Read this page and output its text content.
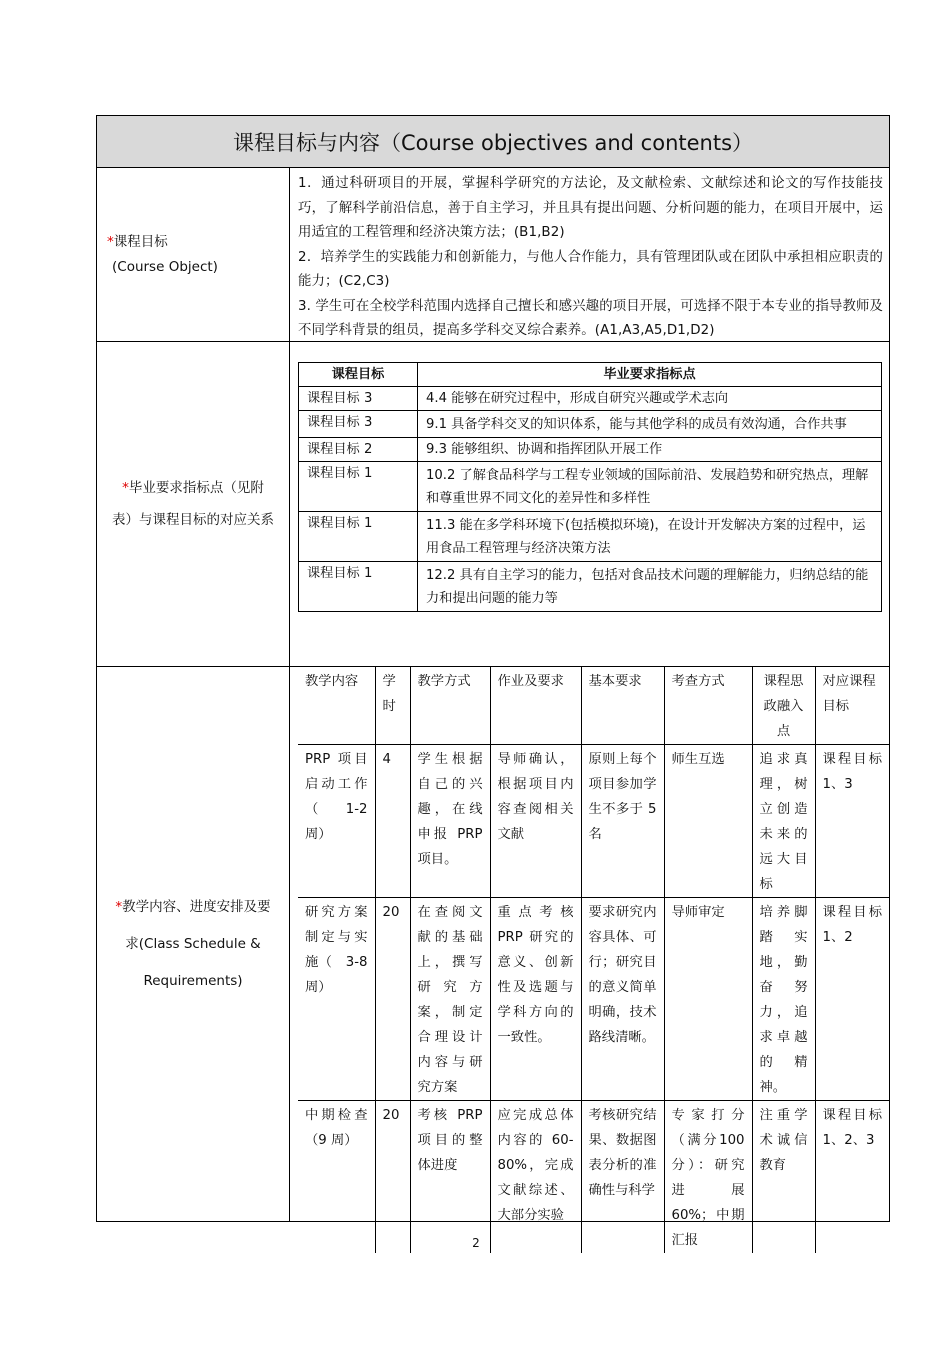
课程目标与内容（Course objectives and contents）
*课程目标
(Course Object)
1．通过科研项目的开展，掌握科学研究的方法论，及文献检索、文献综述和论文的写作技能技巧，了解科学前沿信息，善于自主学习，并且具有提出问题、分析问题的能力，在项目开展中，运用适宜的工程管理和经济决策方法；(B1,B2)
2．培养学生的实践能力和创新能力，与他人合作能力，具有管理团队或在团队中承担相应职责的能力；(C2,C3)
3. 学生可在全校学科范围内选择自己擅长和感兴趣的项目开展，可选择不限于本专业的指导教师及不同学科背景的组员，提高多学科交叉综合素养。(A1,A3,A5,D1,D2)
*毕业要求指标点（见附
表）与课程目标的对应关系
课程目标	毕业要求指标点
课程目标 3	4.4 能够在研究过程中，形成自研究兴趣或学术志向
课程目标 3	9.1 具备学科交叉的知识体系，能与其他学科的成员有效沟通，合作共事
课程目标 2	9.3 能够组织、协调和指挥团队开展工作
课程目标 1	10.2 了解食品科学与工程专业领域的国际前沿、发展趋势和研究热点，理解和尊重世界不同文化的差异性和多样性
课程目标 1	11.3 能在多学科环境下(包括模拟环境)，在设计开发解决方案的过程中，运用食品工程管理与经济决策方法
课程目标 1	12.2 具有自主学习的能力，包括对食品技术问题的理解能力，归纳总结的能力和提出问题的能力等
*教学内容、进度安排及要
求(Class Schedule &
Requirements)
教学内容	学时	教学方式	作业及要求	基本要求	考查方式	课程思政融入点	对应课程目标
PRP 项目启动工作（　1-2周）	4	学生根据自己的兴趣，在线申报 PRP 项目。	导师确认，根据项目内容查阅相关文献	原则上每个项目参加学生不多于 5 名	师生互选	追求真理，树立创造未来的远大目标	课程目标 1、3
研究方案制定与实施（　3-8周）	20	在查阅文献的基础上，撰写研究方案，制定合理设计内容与研究方案	重点考核 PRP 研究的意义、创新性及选题与学科方向的一致性。	要求研究内容具体、可行；研究目的意义简单明确，技术路线清晰。	导师审定	培养脚踏实地，勤奋努力，追求卓越的精神。	课程目标 1、2
中期检查（9 周）	20	考核 PRP 项目的整体进度	应完成总体内容的 60-80%，完成文献综述、大部分实验	考核研究结果、数据图表分析的准确性与科学	专家打分（满分100分）：研究进展 60%；中期汇报	注重学术诚信教育	课程目标 1、2、3
2
